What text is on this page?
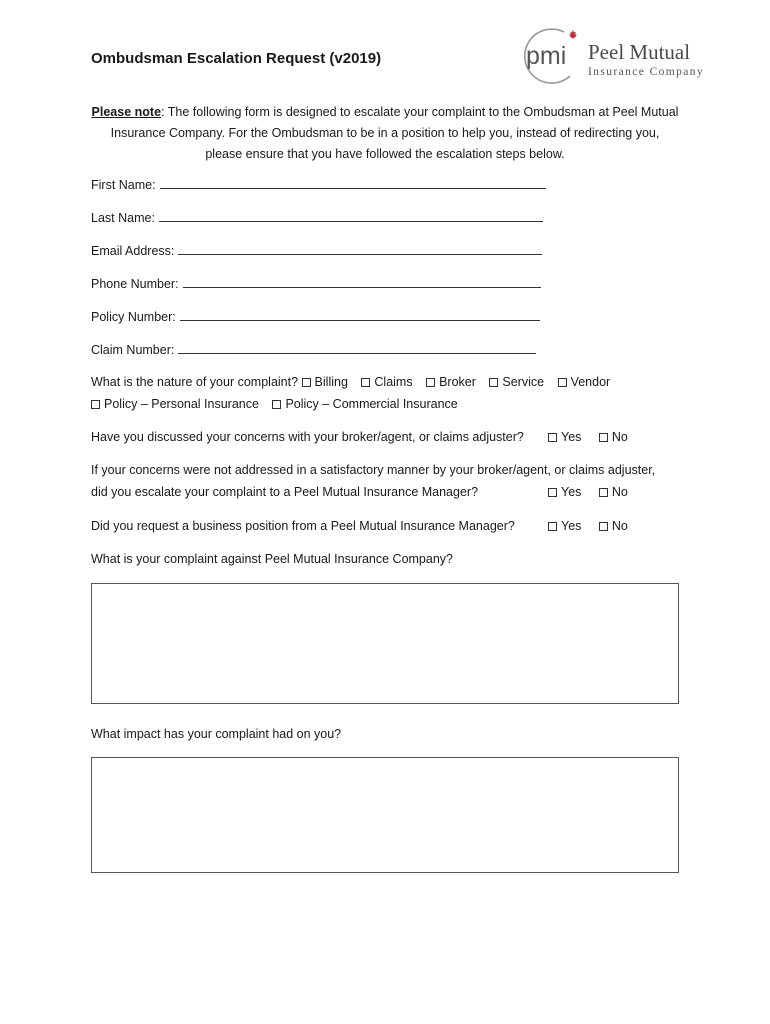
Ombudsman Escalation Request (v2019)	pmi Peel Mutual
Insurance Company

Please note: The following form is designed to escalate your complaint to the Ombudsman at Peel Mutual Insurance Company. For the Ombudsman to be in a position to help you, instead of redirecting you, please ensure that you have followed the escalation steps below.

First Name:
Last Name:
Email Address:
Phone Number:
Policy Number:
Claim Number:
What is the nature of your complaint? Billing Claims Broker Service Vendor
Policy – Personal Insurance Policy – Commercial Insurance
Have you discussed your concerns with your broker/agent, or claims adjuster?	Yes No
If your concerns were not addressed in a satisfactory manner by your broker/agent, or claims adjuster,
did you escalate your complaint to a Peel Mutual Insurance Manager?	Yes No
Did you request a business position from a Peel Mutual Insurance Manager?	Yes No
What is your complaint against Peel Mutual Insurance Company?
What impact has your complaint had on you?
